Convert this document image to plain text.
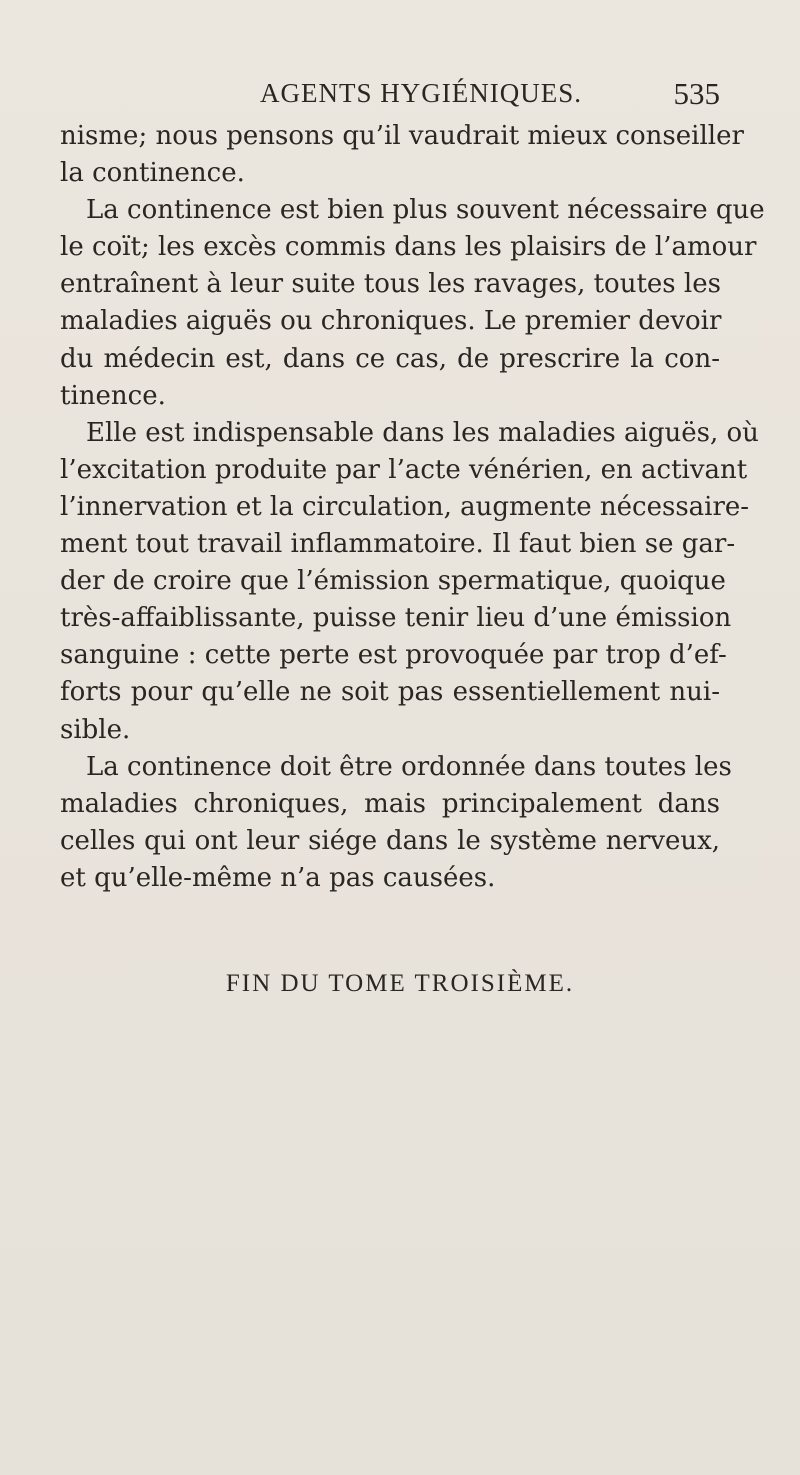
AGENTS HYGIÉNIQUES.	535
nisme; nous pensons qu’il vaudrait mieux conseiller
la continence.
La continence est bien plus souvent nécessaire que
le coït; les excès commis dans les plaisirs de l’amour
entraînent à leur suite tous les ravages, toutes les
maladies aiguës ou chroniques. Le premier devoir
du médecin est, dans ce cas, de prescrire la con-
tinence.
Elle est indispensable dans les maladies aiguës, où
l’excitation produite par l’acte vénérien, en activant
l’innervation et la circulation, augmente nécessaire-
ment tout travail inflammatoire. Il faut bien se gar-
der de croire que l’émission spermatique, quoique
très-affaiblissante, puisse tenir lieu d’une émission
sanguine : cette perte est provoquée par trop d’ef-
forts pour qu’elle ne soit pas essentiellement nui-
sible.
La continence doit être ordonnée dans toutes les
maladies chroniques, mais principalement dans
celles qui ont leur siége dans le système nerveux,
et qu’elle-même n’a pas causées.
FIN DU TOME TROISIÈME.
